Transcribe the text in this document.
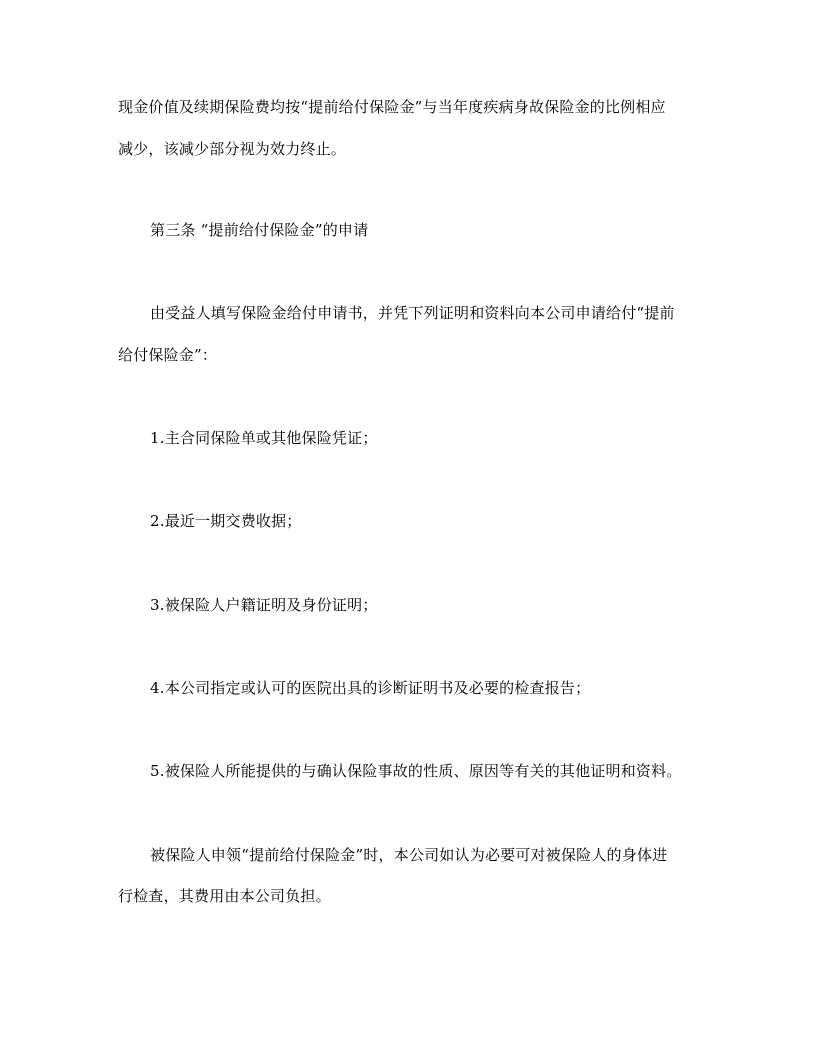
现金价值及续期保险费均按“提前给付保险金”与当年度疾病身故保险金的比例相应
减少，该减少部分视为效力终止。
第三条 “提前给付保险金”的申请
由受益人填写保险金给付申请书，并凭下列证明和资料向本公司申请给付“提前
给付保险金”：
1.主合同保险单或其他保险凭证；
2.最近一期交费收据；
3.被保险人户籍证明及身份证明；
4.本公司指定或认可的医院出具的诊断证明书及必要的检查报告；
5.被保险人所能提供的与确认保险事故的性质、原因等有关的其他证明和资料。
被保险人申领“提前给付保险金”时，本公司如认为必要可对被保险人的身体进
行检查，其费用由本公司负担。
